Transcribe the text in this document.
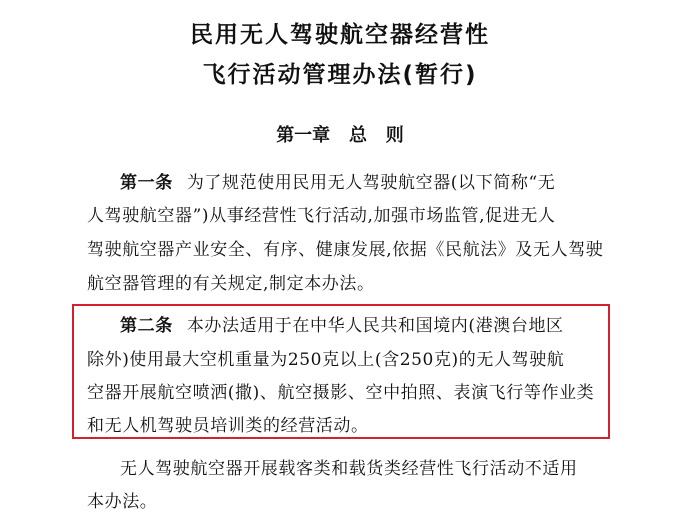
民用无人驾驶航空器经营性
飞行活动管理办法(暂行)
第一章   总   则
第一条 为了规范使用民用无人驾驶航空器(以下简称“无
人驾驶航空器”)从事经营性飞行活动,加强市场监管,促进无人
驾驶航空器产业安全、有序、健康发展,依据《民航法》及无人驾驶
航空器管理的有关规定,制定本办法。
第二条 本办法适用于在中华人民共和国境内(港澳台地区
除外)使用最大空机重量为250克以上(含250克)的无人驾驶航
空器开展航空喷洒(撒)、航空摄影、空中拍照、表演飞行等作业类
和无人机驾驶员培训类的经营活动。
无人驾驶航空器开展载客类和载货类经营性飞行活动不适用
本办法。
